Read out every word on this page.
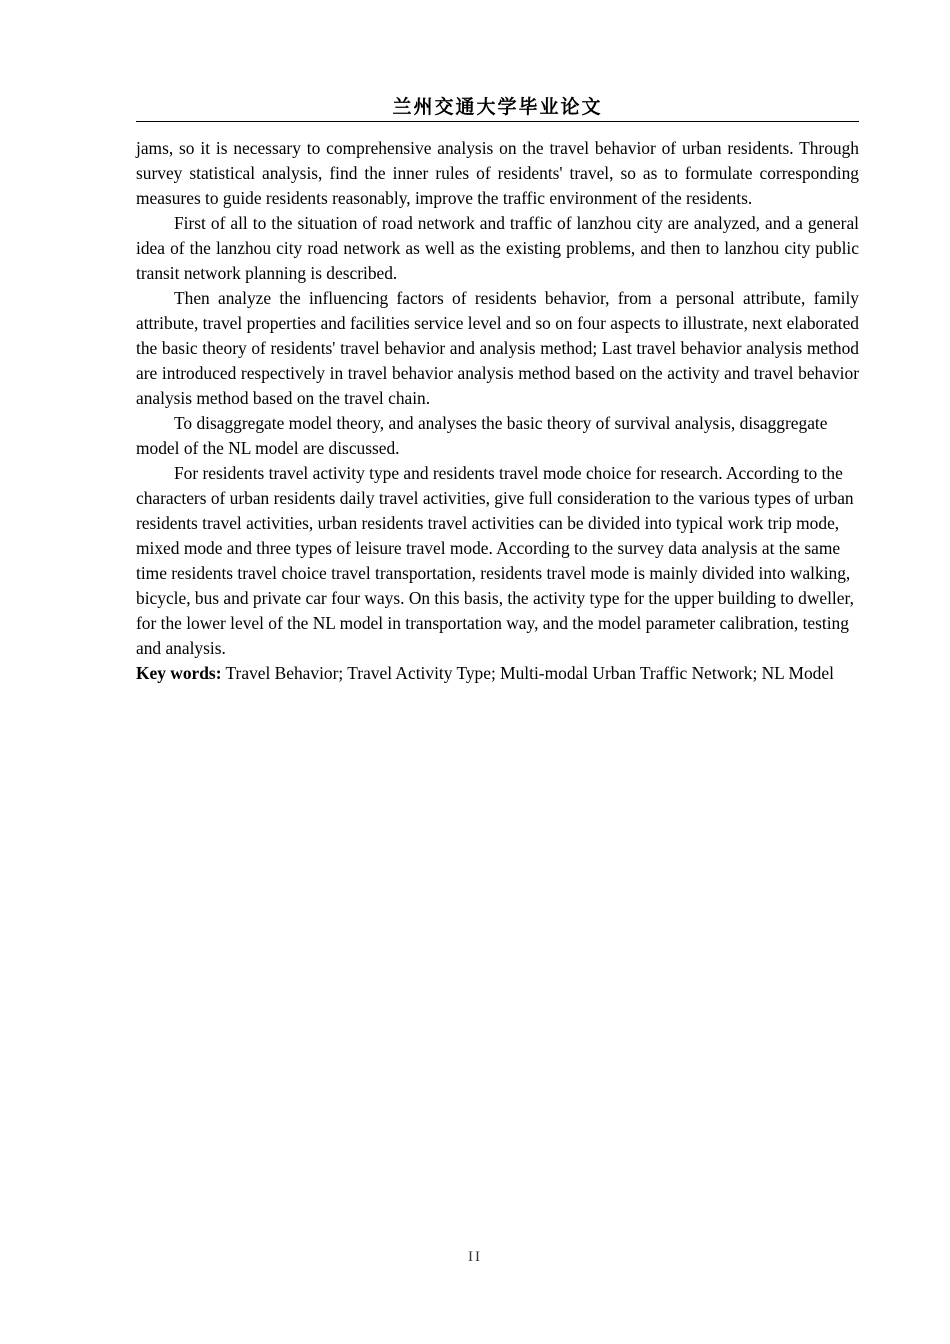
兰州交通大学毕业论文

jams, so it is necessary to comprehensive analysis on the travel behavior of urban residents. Through survey statistical analysis, find the inner rules of residents' travel, so as to formulate corresponding measures to guide residents reasonably, improve the traffic environment of the residents.

First of all to the situation of road network and traffic of lanzhou city are analyzed, and a general idea of the lanzhou city road network as well as the existing problems, and then to lanzhou city public transit network planning is described.

Then analyze the influencing factors of residents behavior, from a personal attribute, family attribute, travel properties and facilities service level and so on four aspects to illustrate, next elaborated the basic theory of residents' travel behavior and analysis method; Last travel behavior analysis method are introduced respectively in travel behavior analysis method based on the activity and travel behavior analysis method based on the travel chain.

To disaggregate model theory, and analyses the basic theory of survival analysis, disaggregate model of the NL model are discussed.

For residents travel activity type and residents travel mode choice for research. According to the characters of urban residents daily travel activities, give full consideration to the various types of urban residents travel activities, urban residents travel activities can be divided into typical work trip mode, mixed mode and three types of leisure travel mode. According to the survey data analysis at the same time residents travel choice travel transportation, residents travel mode is mainly divided into walking, bicycle, bus and private car four ways. On this basis, the activity type for the upper building to dweller, for the lower level of the NL model in transportation way, and the model parameter calibration, testing and analysis.

Key words: Travel Behavior; Travel Activity Type; Multi-modal Urban Traffic Network; NL Model

II
